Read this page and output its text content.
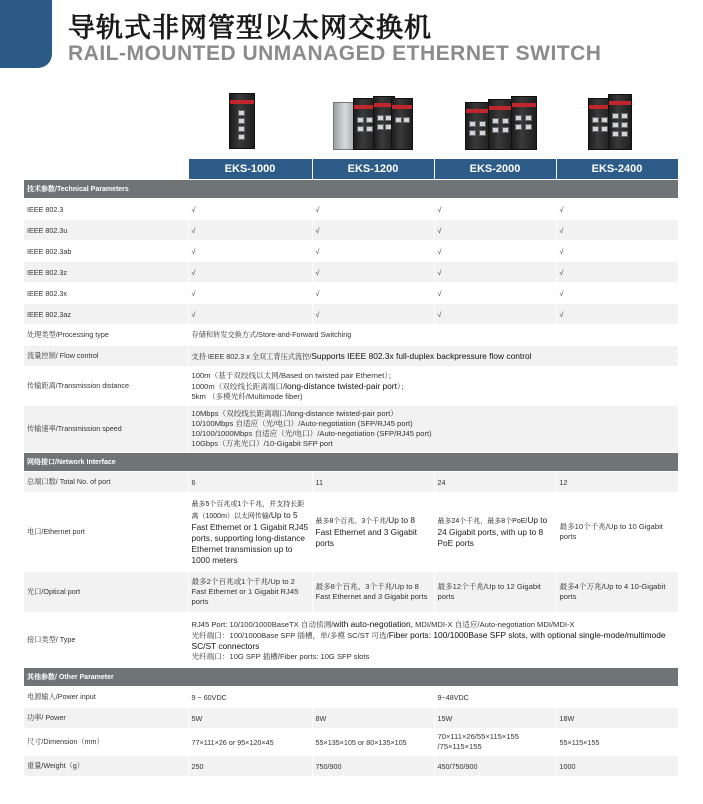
导轨式非网管型以太网交换机
RAIL-MOUNTED UNMANAGED ETHERNET SWITCH
	EKS-1000	EKS-1200	EKS-2000	EKS-2400
技术参数/Technical Parameters				
IEEE 802.3	√	√	√	√
IEEE 802.3u	√	√	√	√
IEEE 802.3ab	√	√	√	√
IEEE 802.3z	√	√	√	√
IEEE 802.3x	√	√	√	√
IEEE 802.3az	√	√	√	√
处理类型/Processing type	存储和转发交换方式/Store-and-Forward Switching			
流量控制/ Flow control	支持 IEEE 802.3 x 全双工背压式流控/Supports IEEE 802.3x full-duplex backpressure flow control			
传输距离/Transmission distance	100m（基于双绞线以太网/Based on twisted pair Ethernet）；
1000m（双绞线长距离端口/long-distance twisted-pair port）；
5km （多模光纤/Multimode fiber)			

传输速率/Transmission speed	10Mbps（双绞线长距离端口/long-distance twisted-pair port）
10/100Mbps 自适应（光/电口）/Auto-negotiation (SFP/RJ45 port)
10/100/1000Mbps 自适应（光/电口）/Auto-negotiation (SFP/RJ45 port)
10Gbps（万兆光口）/10-Gigabit SFP port			

网络接口/Network Interface				
总端口数/ Total No. of port	6	11	24	12
电口/Ethernet port	最多5个百兆或1个千兆，并支持长距离（1000m）以太网传输/Up to 5 Fast Ethernet or 1 Gigabit RJ45 ports, supporting long-distance Ethernet transmission up to 1000 meters	最多8个百兆、3个千兆/Up to 8 Fast Ethernet and 3 Gigabit ports	最多24个千兆，最多8个PoE/Up to 24 Gigabit ports, with up to 8 PoE ports	最多10个千兆/Up to 10 Gigabit ports
光口/Optical port	最多2个百兆或1个千兆/Up to 2 Fast Ethernet or 1 Gigabit RJ45 ports	最多8个百兆、3个千兆/Up to 8 Fast Ethernet and 3 Gigabit ports	最多12个千兆/Up to 12 Gigabit ports	最多4个万兆/Up to 4 10-Gigabit ports
接口类型/ Type	RJ45 Port: 10/100/1000BaseTX 自动侦测/with auto-negotiation, MDI/MDI-X 自适应/Auto-negotiation MDI/MDI-X
光纤端口：100/1000Base SFP 插槽，单/多模 SC/ST 可选/Fiber ports: 100/1000Base SFP slots, with optional single-mode/multimode SC/ST connectors
光纤端口：10G SFP 插槽/Fiber ports: 10G SFP slots			

其他参数/ Other Parameter				
电源输入/Power input	9 ~ 60VDC		9~48VDC	
功率/ Power	5W	8W	15W	18W
尺寸/Dimension（mm）	77×111×26 or 95×120×45	55×135×105 or 80×135×105	70×111×26/55×115×155 /75×115×155	55×115×155
重量/Weight（g）	250	750/900	450/750/900	1000
